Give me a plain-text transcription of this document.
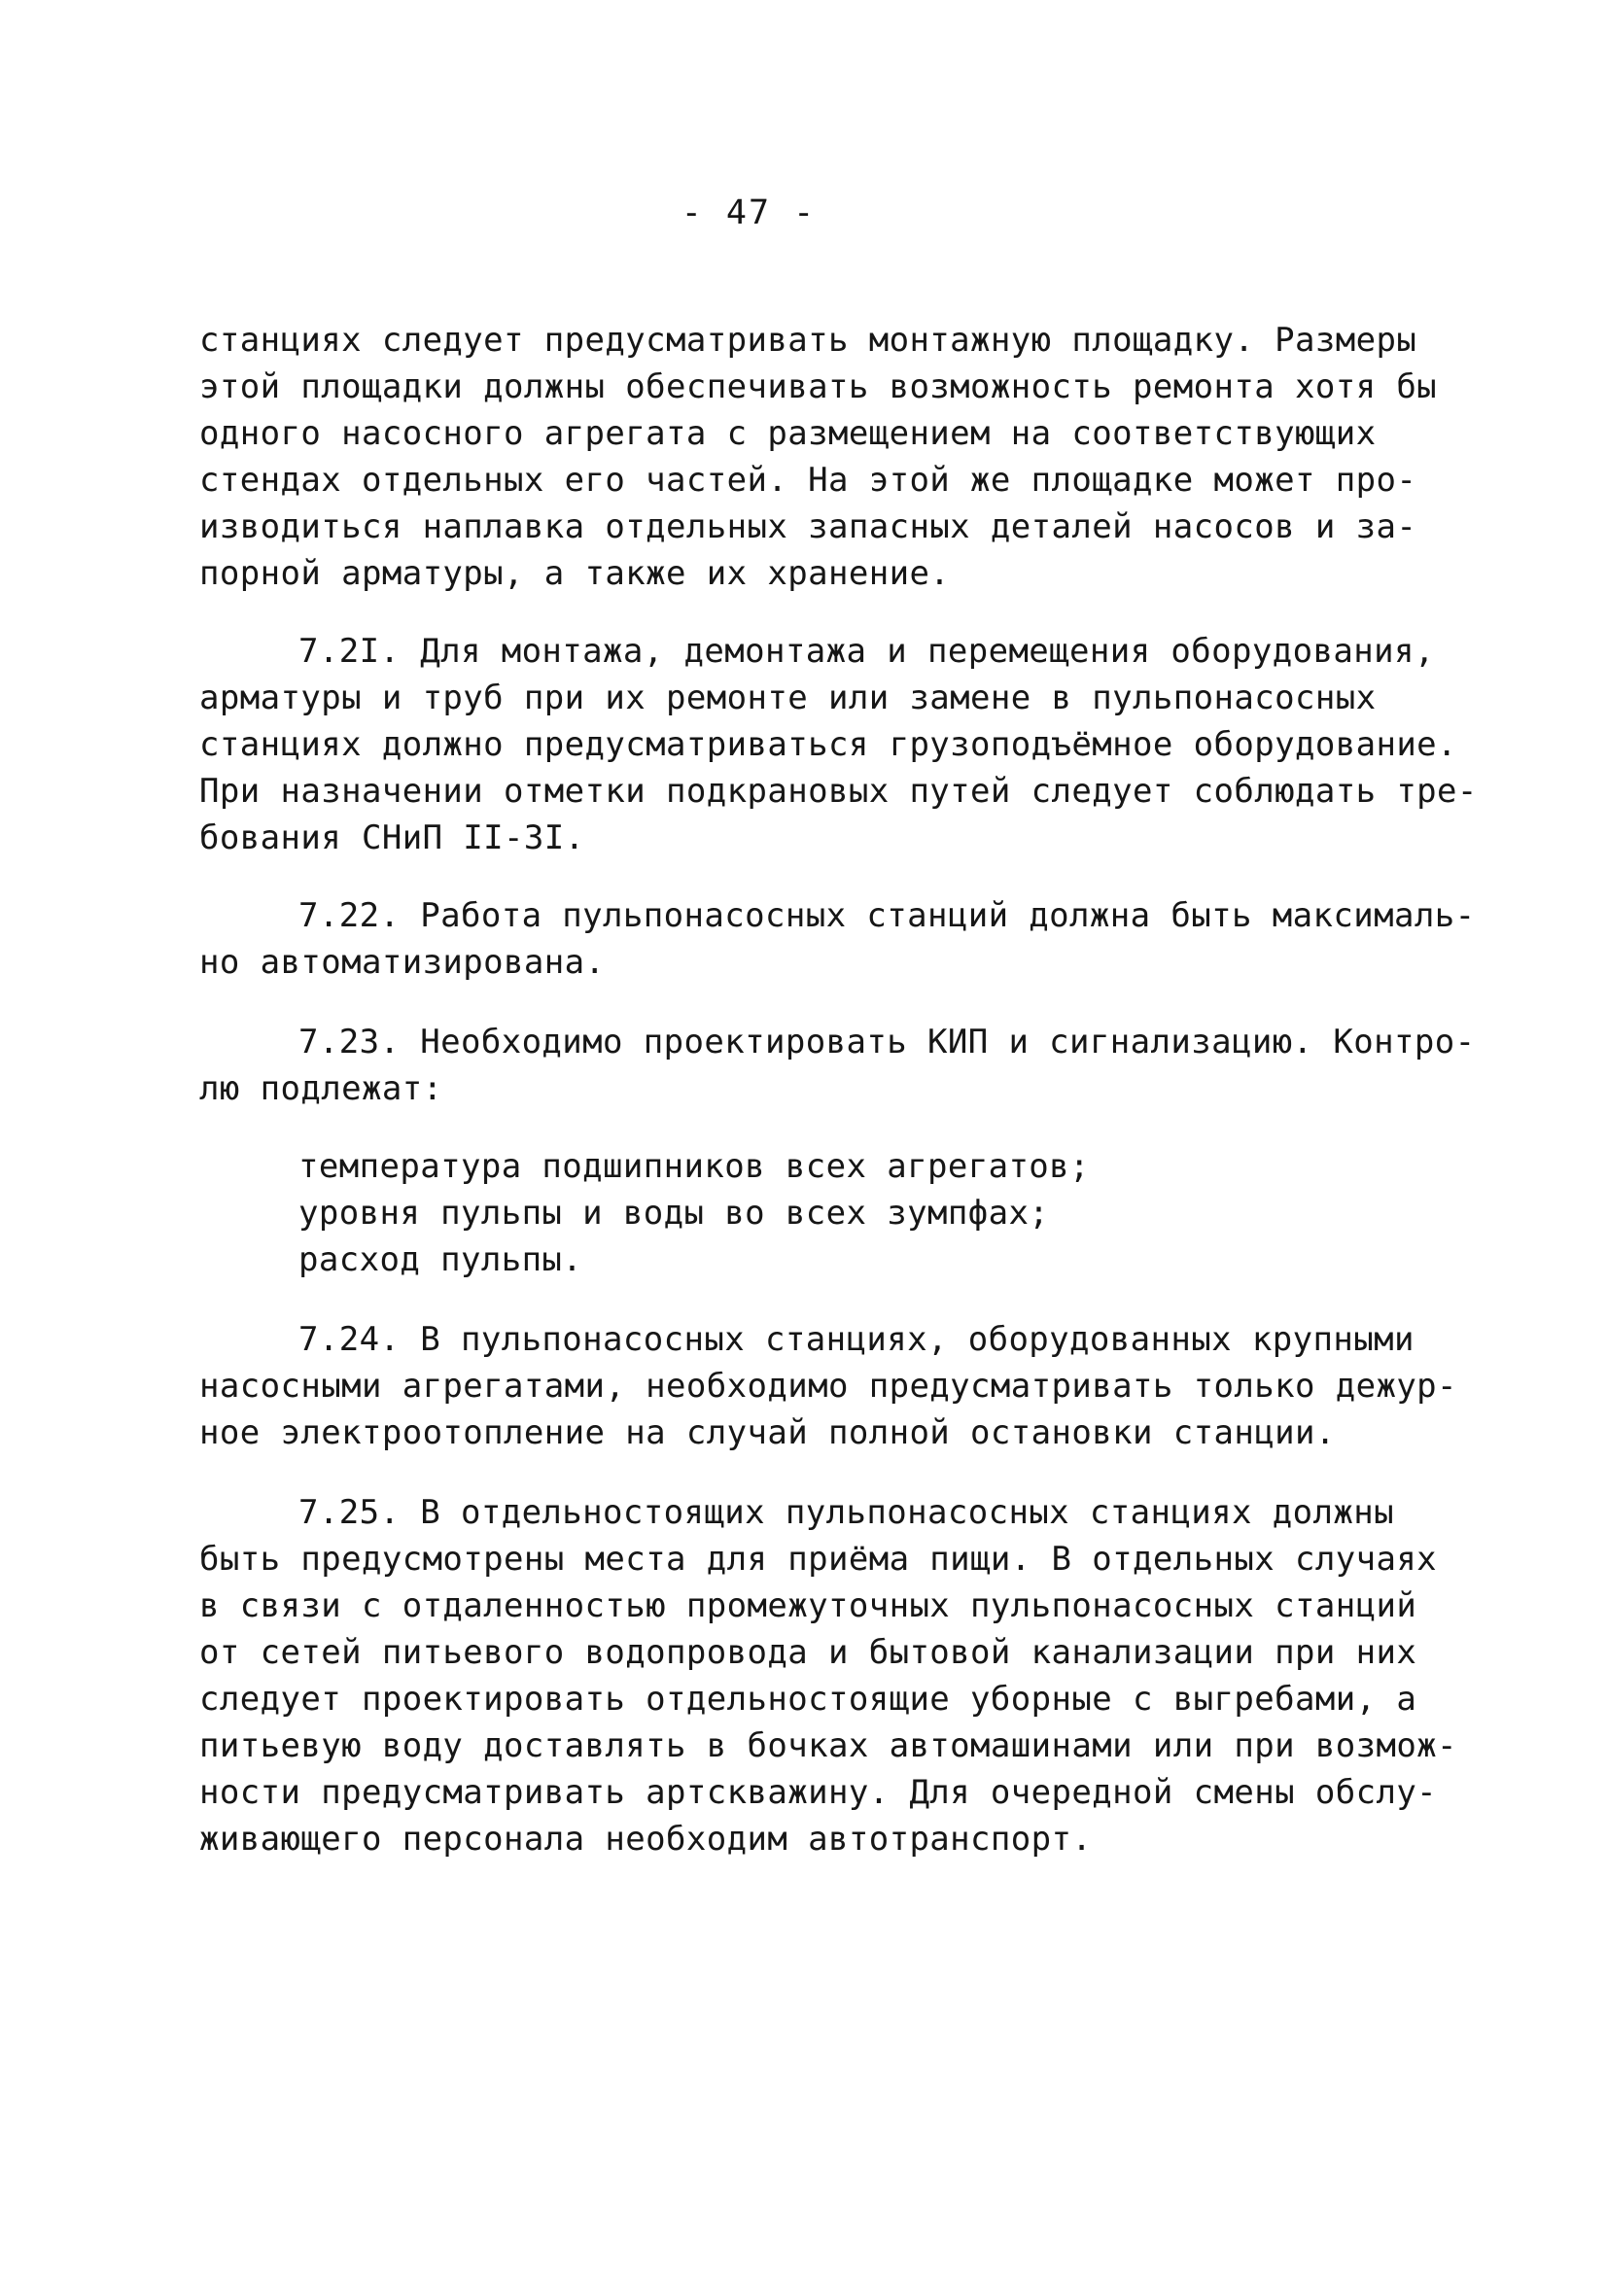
- 47 -
станциях следует предусматривать монтажную площадку. Размеры
этой площадки должны обеспечивать возможность ремонта хотя бы
одного насосного агрегата с размещением на соответствующих
стендах отдельных его частей. На этой же площадке может про-
изводиться наплавка отдельных запасных деталей насосов и за-
порной арматуры, а также их хранение.
7.2I. Для монтажа, демонтажа и перемещения оборудования,
арматуры и труб при их ремонте или замене в пульпонасосных
станциях должно предусматриваться грузоподъёмное оборудование.
При назначении отметки подкрановых путей следует соблюдать тре-
бования СНиП II-3I.
7.22. Работа пульпонасосных станций должна быть максималь-
но автоматизирована.
7.23. Необходимо проектировать КИП и сигнализацию. Контро-
лю подлежат:
температура подшипников всех агрегатов;
уровня пульпы и воды во всех зумпфах;
расход пульпы.
7.24. В пульпонасосных станциях, оборудованных крупными
насосными агрегатами, необходимо предусматривать только дежур-
ное электроотопление на случай полной остановки станции.
7.25. В отдельностоящих пульпонасосных станциях должны
быть предусмотрены места для приёма пищи. В отдельных случаях
в связи с отдаленностью промежуточных пульпонасосных станций
от сетей питьевого водопровода и бытовой канализации при них
следует проектировать отдельностоящие уборные с выгребами, а
питьевую воду доставлять в бочках автомашинами или при возмож-
ности предусматривать артскважину. Для очередной смены обслу-
живающего персонала необходим автотранспорт.
